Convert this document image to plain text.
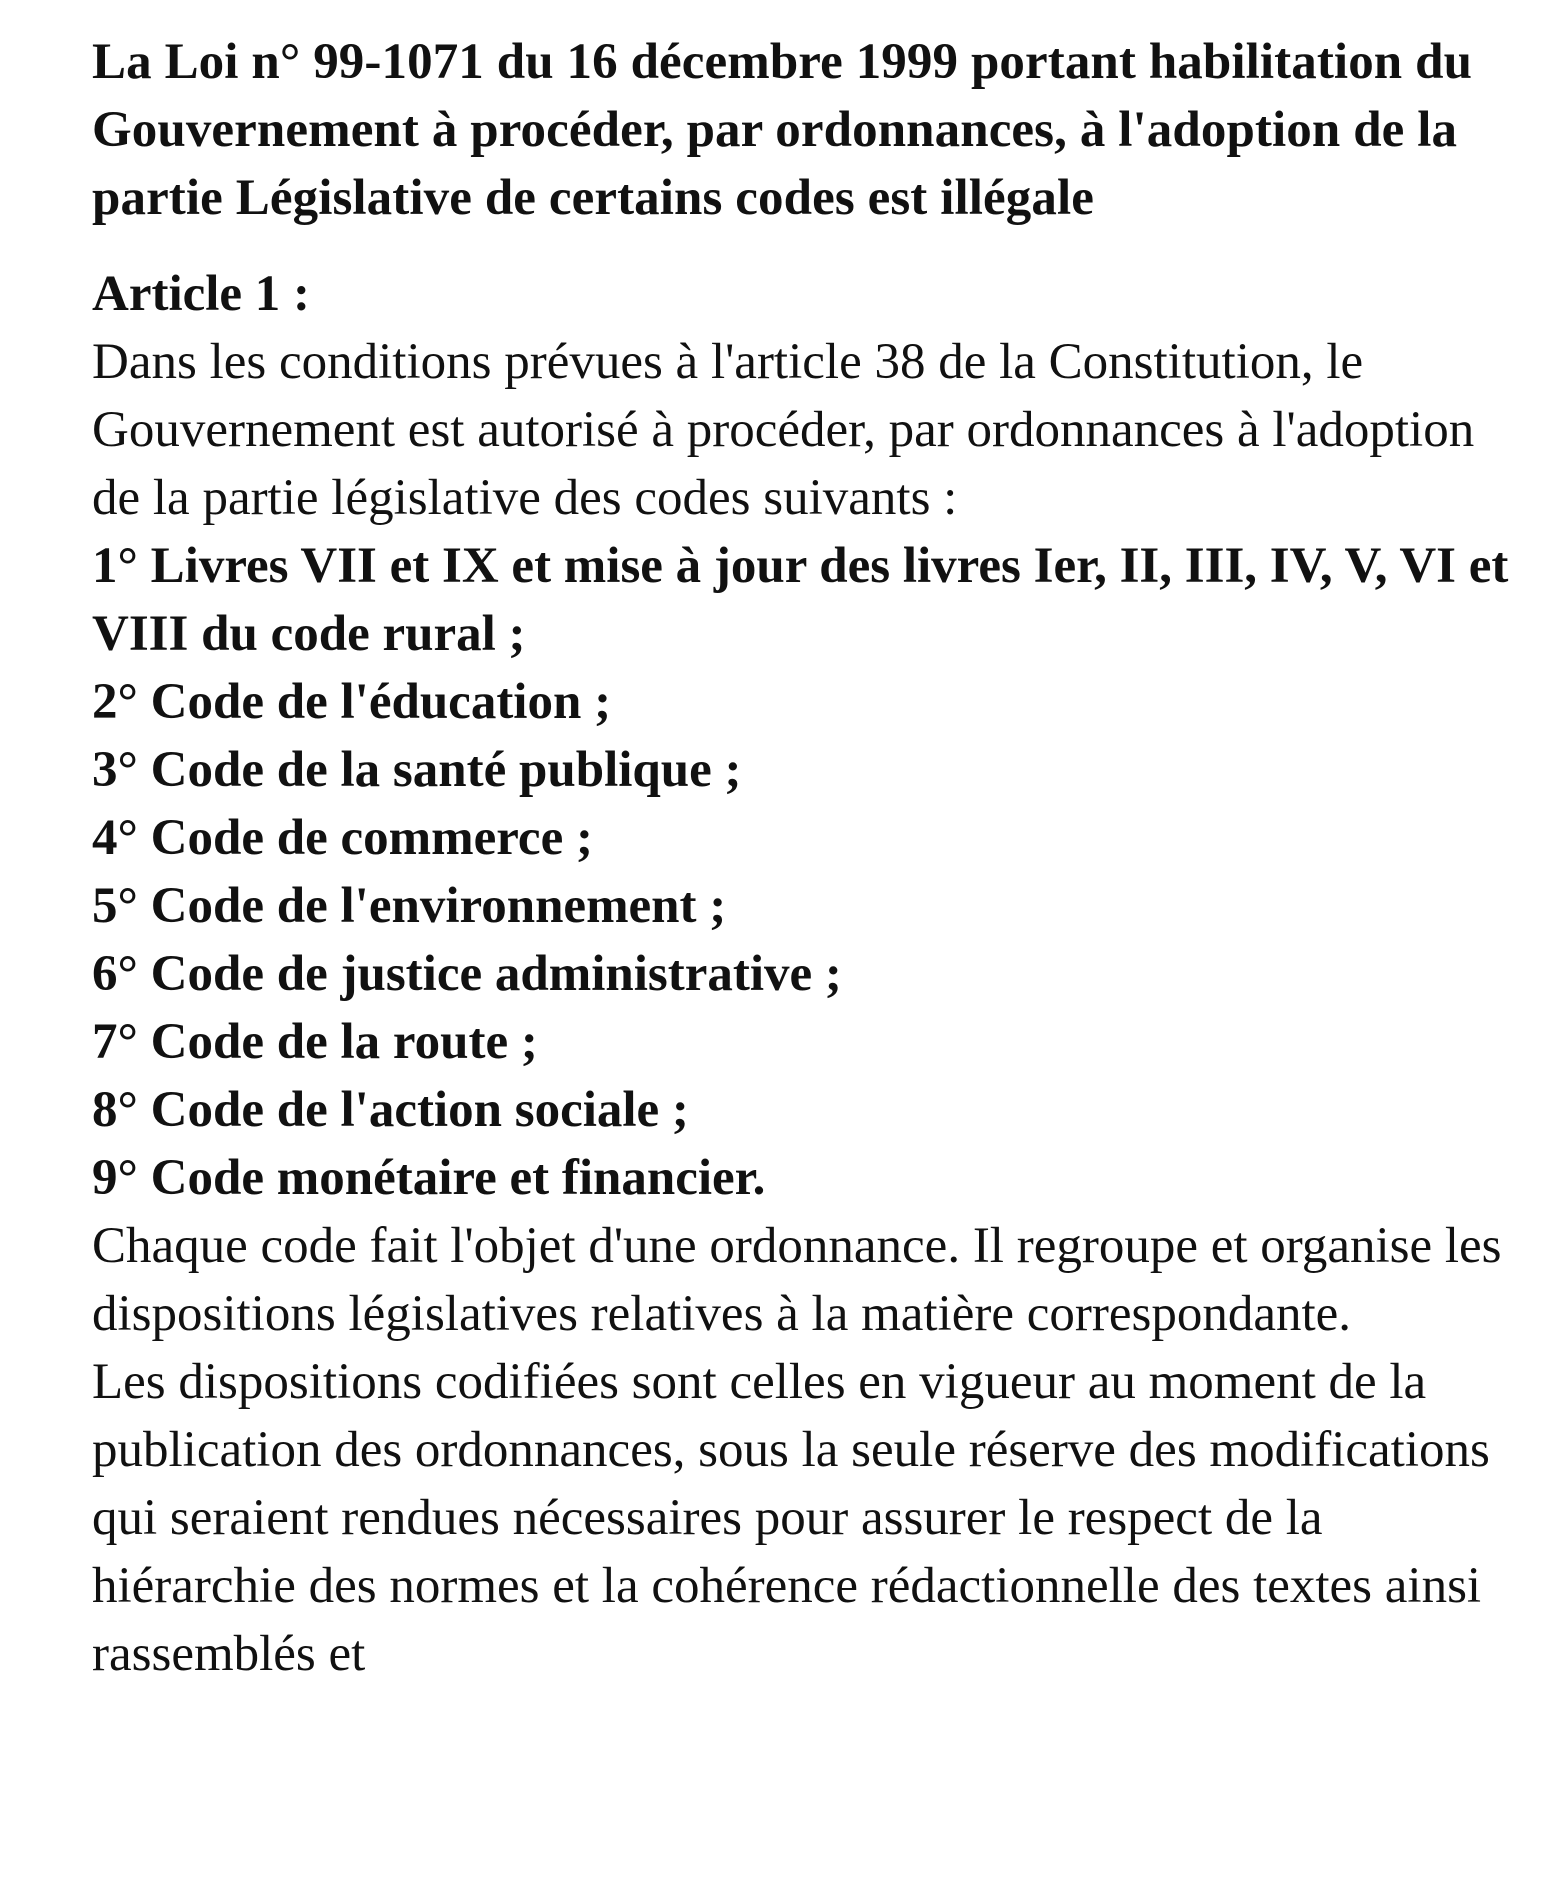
La Loi n° 99-1071 du 16 décembre 1999 portant habilitation du Gouvernement à procéder, par ordonnances, à l'adoption de la partie Législative de certains codes est illégale
Article 1 :

Dans les conditions prévues à l'article 38 de la Constitution, le Gouvernement est autorisé à procéder, par ordonnances à l'adoption de la partie législative des codes suivants :

1° Livres VII et IX et mise à jour des livres Ier, II, III, IV, V, VI et VIII du code rural ;
2° Code de l'éducation ;
3° Code de la santé publique ;
4° Code de commerce ;
5° Code de l'environnement ;
6° Code de justice administrative ;
7° Code de la route ;
8° Code de l'action sociale ;
9° Code monétaire et financier.

Chaque code fait l'objet d'une ordonnance. Il regroupe et organise les dispositions législatives relatives à la matière correspondante.

Les dispositions codifiées sont celles en vigueur au moment de la publication des ordonnances, sous la seule réserve des modifications qui seraient rendues nécessaires pour assurer le respect de la hiérarchie des normes et la cohérence rédactionnelle des textes ainsi rassemblés et
